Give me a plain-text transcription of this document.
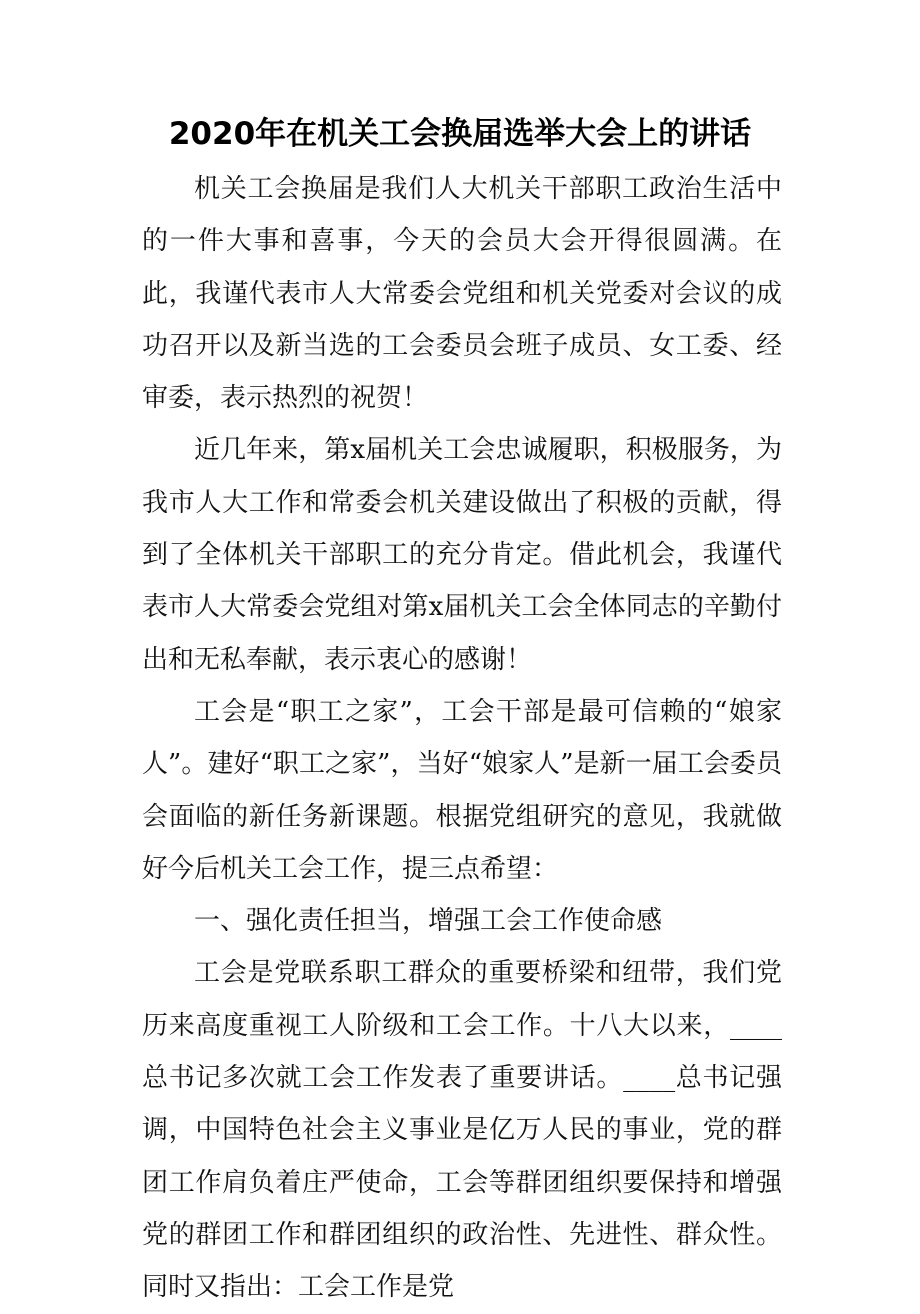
2020年在机关工会换届选举大会上的讲话

机关工会换届是我们人大机关干部职工政治生活中的一件大事和喜事，今天的会员大会开得很圆满。在此，我谨代表市人大常委会党组和机关党委对会议的成功召开以及新当选的工会委员会班子成员、女工委、经审委，表示热烈的祝贺！

近几年来，第x届机关工会忠诚履职，积极服务，为我市人大工作和常委会机关建设做出了积极的贡献，得到了全体机关干部职工的充分肯定。借此机会，我谨代表市人大常委会党组对第x届机关工会全体同志的辛勤付出和无私奉献，表示衷心的感谢！

工会是“职工之家”，工会干部是最可信赖的“娘家人”。建好“职工之家”，当好“娘家人”是新一届工会委员会面临的新任务新课题。根据党组研究的意见，我就做好今后机关工会工作，提三点希望：

一、强化责任担当，增强工会工作使命感

工会是党联系职工群众的重要桥梁和纽带，我们党历来高度重视工人阶级和工会工作。十八大以来，____总书记多次就工会工作发表了重要讲话。____总书记强调，中国特色社会主义事业是亿万人民的事业，党的群团工作肩负着庄严使命，工会等群团组织要保持和增强党的群团工作和群团组织的政治性、先进性、群众性。同时又指出：工会工作是党
